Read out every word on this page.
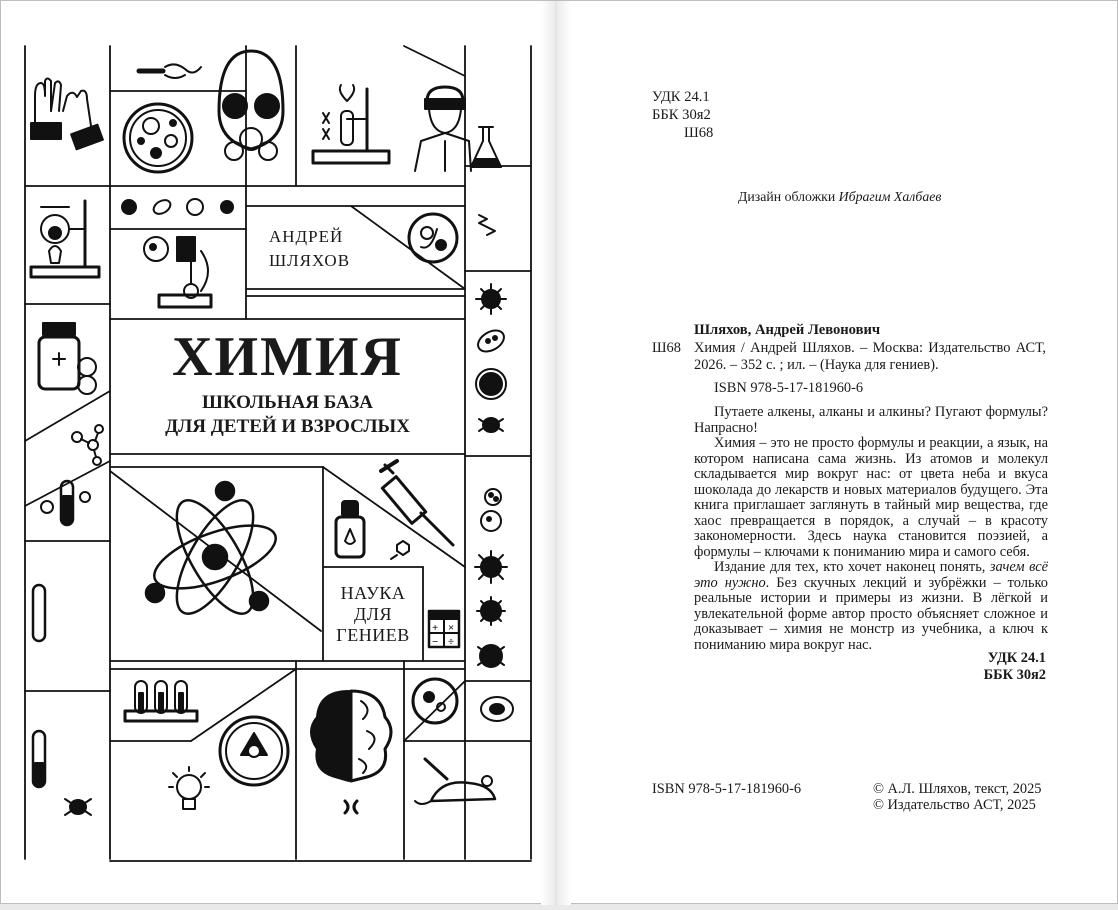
+ ×
− ÷
АНДРЕЙ
ШЛЯХОВ
ХИМИЯ
ШКОЛЬНАЯ БАЗА
ДЛЯ ДЕТЕЙ И ВЗРОСЛЫХ
НАУКА
ДЛЯ
ГЕНИЕВ
УДК 24.1
ББК 30я2
Ш68
Дизайн обложки Ибрагим Халбаев
Шляхов, Андрей Левонович
Ш68 Химия / Андрей Шляхов. – Москва: Издательство АСТ, 2026. – 352 с. ; ил. – (Наука для гениев).
ISBN 978-5-17-181960-6

Путаете алкены, алканы и алкины? Пугают формулы? Напрасно!

Химия – это не просто формулы и реакции, а язык, на котором написана сама жизнь. Из атомов и молекул складывается мир вокруг нас: от цвета неба и вкуса шоколада до лекарств и новых материалов будущего. Эта книга приглашает заглянуть в тайный мир вещества, где хаос превращается в порядок, а случай – в красоту закономерности. Здесь наука становится поэзией, а формулы – ключами к пониманию мира и самого себя.

Издание для тех, кто хочет наконец понять, зачем всё это нужно. Без скучных лекций и зубрёжки – только реальные истории и примеры из жизни. В лёгкой и увлекательной форме автор просто объясняет сложное и доказывает – химия не монстр из учебника, а ключ к пониманию мира вокруг нас.

УДК 24.1
ББК 30я2
ISBN 978-5-17-181960-6	© А.Л. Шляхов, текст, 2025
© Издательство АСТ, 2025
